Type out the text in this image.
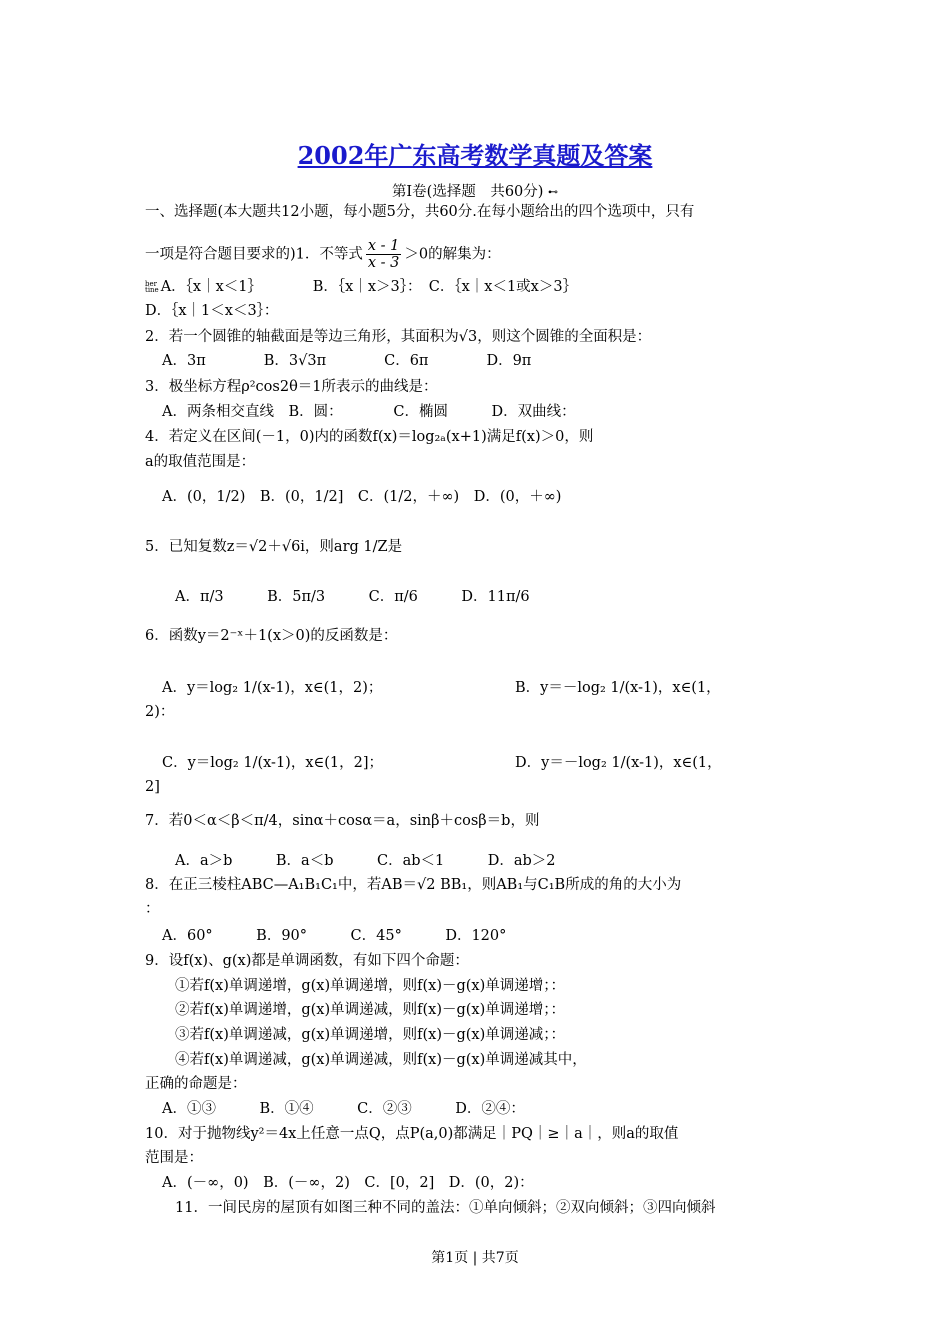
2002年广东高考数学真题及答案
第Ⅰ卷(选择题　共60分) ⊷
一、选择题(本大题共12小题，每小题5分，共60分.在每小题给出的四个选项中，只有
一项是符合题目要求的)1．不等式 $\frac{x - 1}{x - 3} >0$的解集为：
ber
tine A．｛x｜x＜1｝　　　　B．｛x｜x＞3｝：　C．｛x｜x＜1或x＞3｝
D．｛x｜1＜x＜3｝：
2．若一个圆锥的轴截面是等边三角形，其面积为√3，则这个圆锥的全面积是：
A．3π　　　　B．3√3π　　　　C．6π　　　　D．9π
3．极坐标方程ρ²cos2θ＝1所表示的曲线是：
A．两条相交直线　B．圆：　　　　C．椭圆　　　D．双曲线：
4．若定义在区间(－1，0)内的函数f(x)＝log₂ₐ(x+1)满足f(x)＞0，则
a的取值范围是：
A．(0，1/2)　B．(0，1/2]　C．(1/2，＋∞)　D．(0，＋∞)
5．已知复数z＝√2＋√6i，则arg 1/Z是
A．π/3　　　B．5π/3　　　C．π/6　　　D．11π/6
6．函数y＝2⁻ˣ＋1(x＞0)的反函数是：
A．y＝log₂ 1/(x-1)，x∈(1，2)；	B．y＝－log₂ 1/(x-1)，x∈(1，
2)：
C．y＝log₂ 1/(x-1)，x∈(1，2]；	D．y＝－log₂ 1/(x-1)，x∈(1，
2]
7．若0＜α＜β＜π/4，sinα＋cosα＝a，sinβ＋cosβ＝b，则
A．a＞b　　　B．a＜b　　　C．ab＜1　　　D．ab＞2
8．在正三棱柱ABC—A₁B₁C₁中，若AB＝√2 BB₁，则AB₁与C₁B所成的角的大小为
：
A．60°　　　B．90°　　　C．45°　　　D．120°
9．设f(x)、g(x)都是单调函数，有如下四个命题：
①若f(x)单调递增，g(x)单调递增，则f(x)－g(x)单调递增；：
②若f(x)单调递增，g(x)单调递减，则f(x)－g(x)单调递增；：
③若f(x)单调递减，g(x)单调递增，则f(x)－g(x)单调递减；：
④若f(x)单调递减，g(x)单调递减，则f(x)－g(x)单调递减其中，
正确的命题是：
A．①③　　　B．①④　　　C．②③　　　D．②④：
10．对于抛物线y²＝4x上任意一点Q，点P(a,0)都满足｜PQ｜≥｜a｜，则a的取值
范围是：
A．(－∞，0)　B．(－∞，2)　C．[0，2]　D．(0，2)：
11．一间民房的屋顶有如图三种不同的盖法：①单向倾斜；②双向倾斜；③四向倾斜
第1页 | 共7页
